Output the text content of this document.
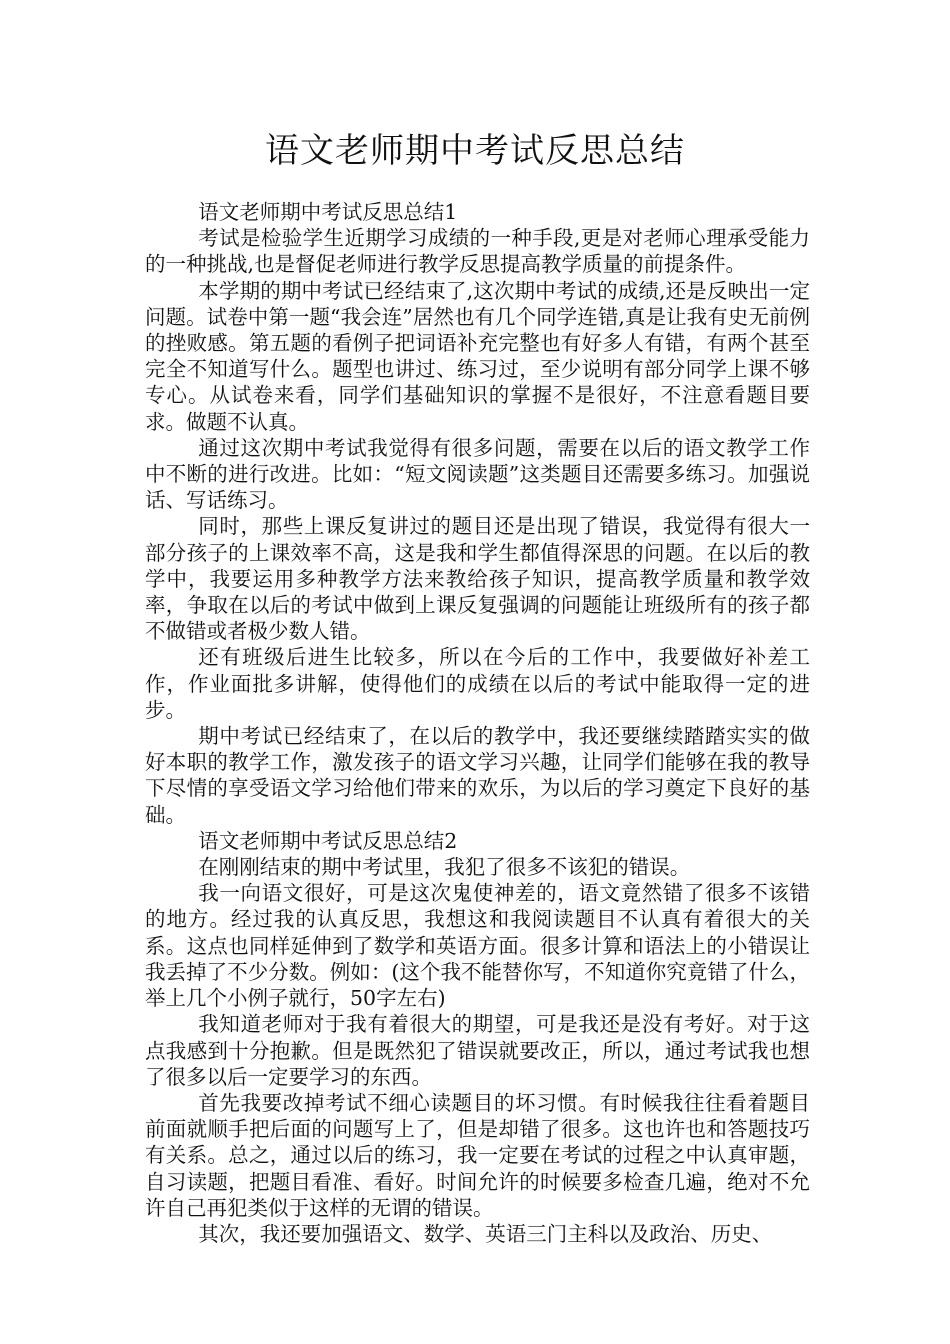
语文老师期中考试反思总结

语文老师期中考试反思总结1

考试是检验学生近期学习成绩的一种手段,更是对老师心理承受能力的一种挑战,也是督促老师进行教学反思提高教学质量的前提条件。

本学期的期中考试已经结束了,这次期中考试的成绩,还是反映出一定问题。试卷中第一题“我会连”居然也有几个同学连错,真是让我有史无前例的挫败感。第五题的看例子把词语补充完整也有好多人有错，有两个甚至完全不知道写什么。题型也讲过、练习过，至少说明有部分同学上课不够专心。从试卷来看，同学们基础知识的掌握不是很好，不注意看题目要求。做题不认真。

通过这次期中考试我觉得有很多问题，需要在以后的语文教学工作中不断的进行改进。比如：“短文阅读题”这类题目还需要多练习。加强说话、写话练习。

同时，那些上课反复讲过的题目还是出现了错误，我觉得有很大一部分孩子的上课效率不高，这是我和学生都值得深思的问题。在以后的教学中，我要运用多种教学方法来教给孩子知识，提高教学质量和教学效率，争取在以后的考试中做到上课反复强调的问题能让班级所有的孩子都不做错或者极少数人错。

还有班级后进生比较多，所以在今后的工作中，我要做好补差工作，作业面批多讲解，使得他们的成绩在以后的考试中能取得一定的进步。

期中考试已经结束了，在以后的教学中，我还要继续踏踏实实的做好本职的教学工作，激发孩子的语文学习兴趣，让同学们能够在我的教导下尽情的享受语文学习给他们带来的欢乐，为以后的学习奠定下良好的基础。

语文老师期中考试反思总结2

在刚刚结束的期中考试里，我犯了很多不该犯的错误。

我一向语文很好，可是这次鬼使神差的，语文竟然错了很多不该错的地方。经过我的认真反思，我想这和我阅读题目不认真有着很大的关系。这点也同样延伸到了数学和英语方面。很多计算和语法上的小错误让我丢掉了不少分数。例如：(这个我不能替你写，不知道你究竟错了什么，举上几个小例子就行，50字左右)

我知道老师对于我有着很大的期望，可是我还是没有考好。对于这点我感到十分抱歉。但是既然犯了错误就要改正，所以，通过考试我也想了很多以后一定要学习的东西。

首先我要改掉考试不细心读题目的坏习惯。有时候我往往看着题目前面就顺手把后面的问题写上了，但是却错了很多。这也许也和答题技巧有关系。总之，通过以后的练习，我一定要在考试的过程之中认真审题，自习读题，把题目看准、看好。时间允许的时候要多检查几遍，绝对不允许自己再犯类似于这样的无谓的错误。

其次，我还要加强语文、数学、英语三门主科以及政治、历史、
